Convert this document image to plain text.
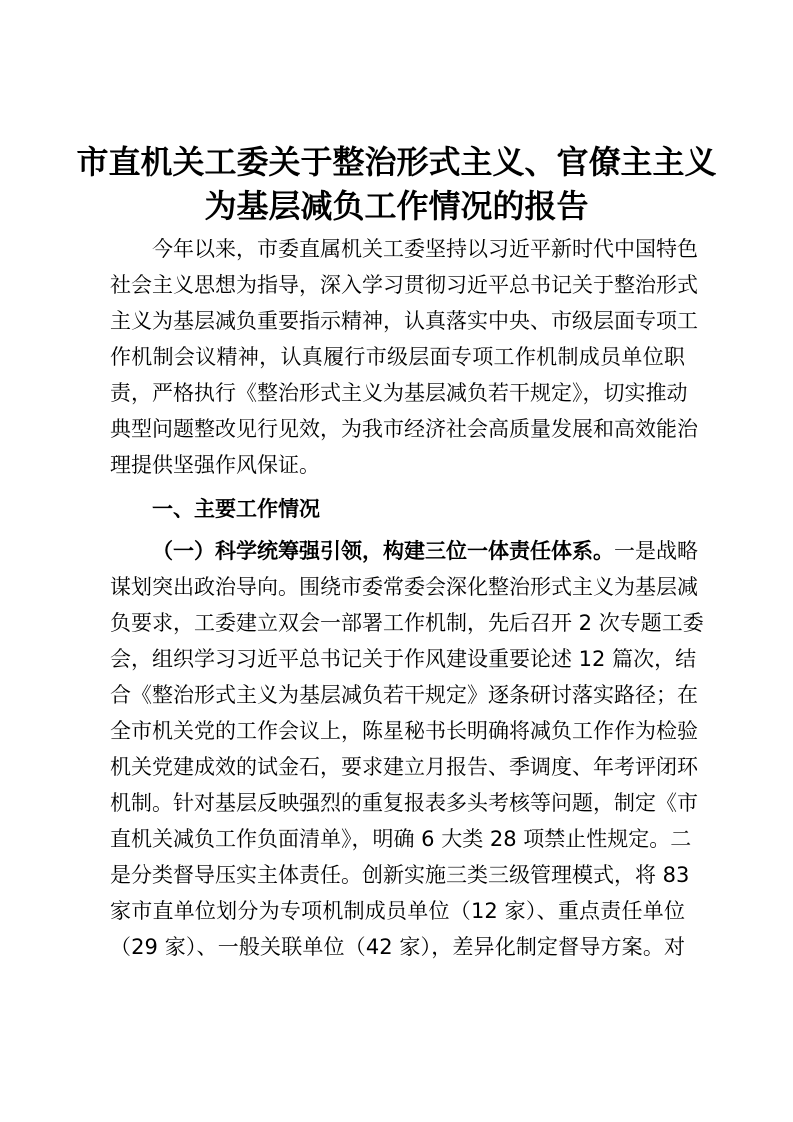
市直机关工委关于整治形式主义、官僚主主义
为基层减负工作情况的报告
今年以来，市委直属机关工委坚持以习近平新时代中国特色
社会主义思想为指导，深入学习贯彻习近平总书记关于整治形式
主义为基层减负重要指示精神，认真落实中央、市级层面专项工
作机制会议精神，认真履行市级层面专项工作机制成员单位职
责，严格执行《整治形式主义为基层减负若干规定》，切实推动
典型问题整改见行见效，为我市经济社会高质量发展和高效能治
理提供坚强作风保证。
一、主要工作情况
（一）科学统筹强引领，构建三位一体责任体系。一是战略
谋划突出政治导向。围绕市委常委会深化整治形式主义为基层减
负要求，工委建立双会一部署工作机制，先后召开 2 次专题工委
会，组织学习习近平总书记关于作风建设重要论述 12 篇次，结
合《整治形式主义为基层减负若干规定》逐条研讨落实路径；在
全市机关党的工作会议上，陈星秘书长明确将减负工作作为检验
机关党建成效的试金石，要求建立月报告、季调度、年考评闭环
机制。针对基层反映强烈的重复报表多头考核等问题，制定《市
直机关减负工作负面清单》，明确 6 大类 28 项禁止性规定。二
是分类督导压实主体责任。创新实施三类三级管理模式，将 83
家市直单位划分为专项机制成员单位（12 家）、重点责任单位
（29 家）、一般关联单位（42 家），差异化制定督导方案。对
